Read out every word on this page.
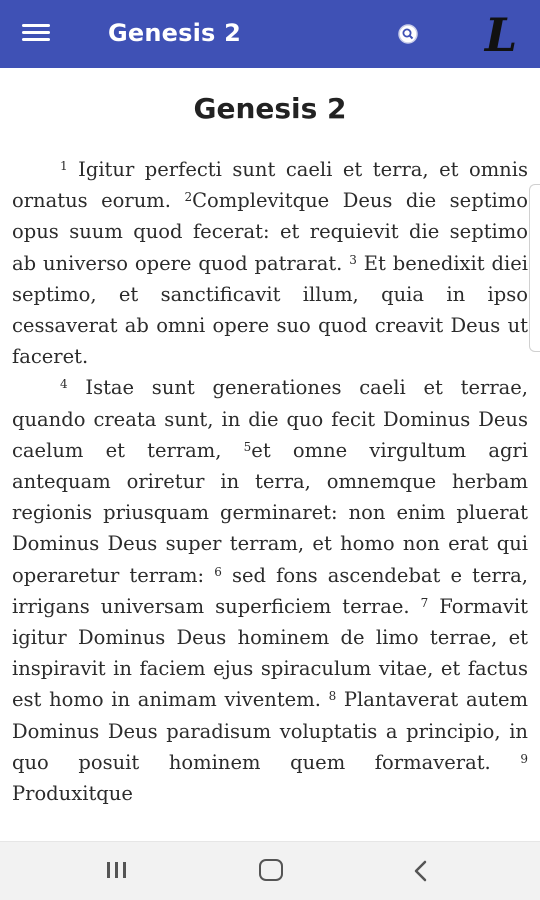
Genesis 2	L
Genesis 2

$^1$ Igitur perfecti sunt caeli et terra, et omnis ornatus eorum. $^2$Complevitque Deus die septimo opus suum quod fecerat: et requievit die septimo ab universo opere quod patrarat. $^3$ Et benedixit diei septimo, et sanctificavit illum, quia in ipso cessaverat ab omni opere suo quod creavit Deus ut faceret.

$^4$ Istae sunt generationes caeli et terrae, quando creata sunt, in die quo fecit Dominus Deus caelum et terram, $^5$et omne virgultum agri antequam oriretur in terra, omnemque herbam regionis priusquam germinaret: non enim pluerat Dominus Deus super terram, et homo non erat qui operaretur terram: $^6$ sed fons ascendebat e terra, irrigans universam superficiem terrae. $^7$ Formavit igitur Dominus Deus hominem de limo terrae, et inspiravit in faciem ejus spiraculum vitae, et factus est homo in animam viventem. $^8$ Plantaverat autem Dominus Deus paradisum voluptatis a principio, in quo posuit hominem quem formaverat. $^9$ Produxitque
